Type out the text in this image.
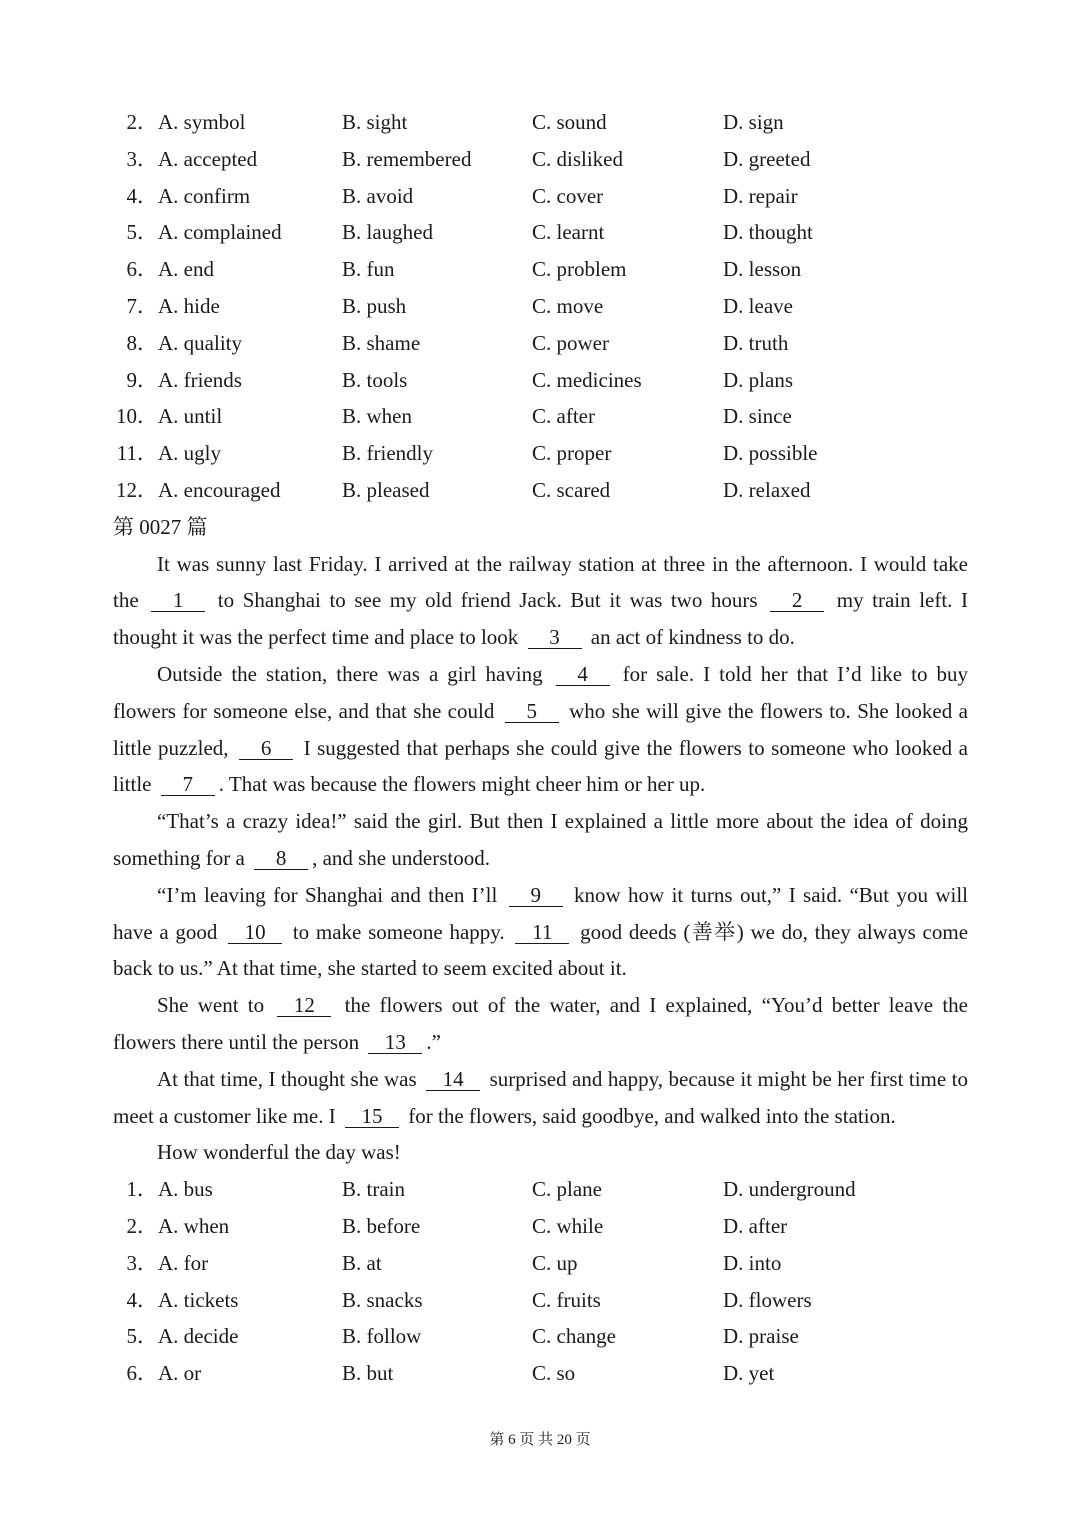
2． A. symbol	B. sight	C. sound	D. sign
3． A. accepted	B. remembered	C. disliked	D. greeted
4． A. confirm	B. avoid	C. cover	D. repair
5． A. complained	B. laughed	C. learnt	D. thought
6． A. end	B. fun	C. problem	D. lesson
7． A. hide	B. push	C. move	D. leave
8． A. quality	B. shame	C. power	D. truth
9． A. friends	B. tools	C. medicines	D. plans
10． A. until	B. when	C. after	D. since
11． A. ugly	B. friendly	C. proper	D. possible
12． A. encouraged	B. pleased	C. scared	D. relaxed
第 0027 篇

It was sunny last Friday. I arrived at the railway station at three in the afternoon. I would take the 1 to Shanghai to see my old friend Jack. But it was two hours 2 my train left. I thought it was the perfect time and place to look 3 an act of kindness to do.

Outside the station, there was a girl having 4 for sale. I told her that I’d like to buy flowers for someone else, and that she could 5 who she will give the flowers to. She looked a little puzzled, 6 I suggested that perhaps she could give the flowers to someone who looked a little 7 . That was because the flowers might cheer him or her up.

“That’s a crazy idea!” said the girl. But then I explained a little more about the idea of doing something for a 8 , and she understood.

“I’m leaving for Shanghai and then I’ll 9 know how it turns out,” I said. “But you will have a good 10 to make someone happy. 11 good deeds (善举) we do, they always come back to us.” At that time, she started to seem excited about it.

She went to 12 the flowers out of the water, and I explained, “You’d better leave the flowers there until the person 13 .”

At that time, I thought she was 14 surprised and happy, because it might be her first time to meet a customer like me. I 15 for the flowers, said goodbye, and walked into the station.

How wonderful the day was!

1． A. bus	B. train	C. plane	D. underground
2． A. when	B. before	C. while	D. after
3． A. for	B. at	C. up	D. into
4． A. tickets	B. snacks	C. fruits	D. flowers
5． A. decide	B. follow	C. change	D. praise
6． A. or	B. but	C. so	D. yet
第 6 页 共 20 页
